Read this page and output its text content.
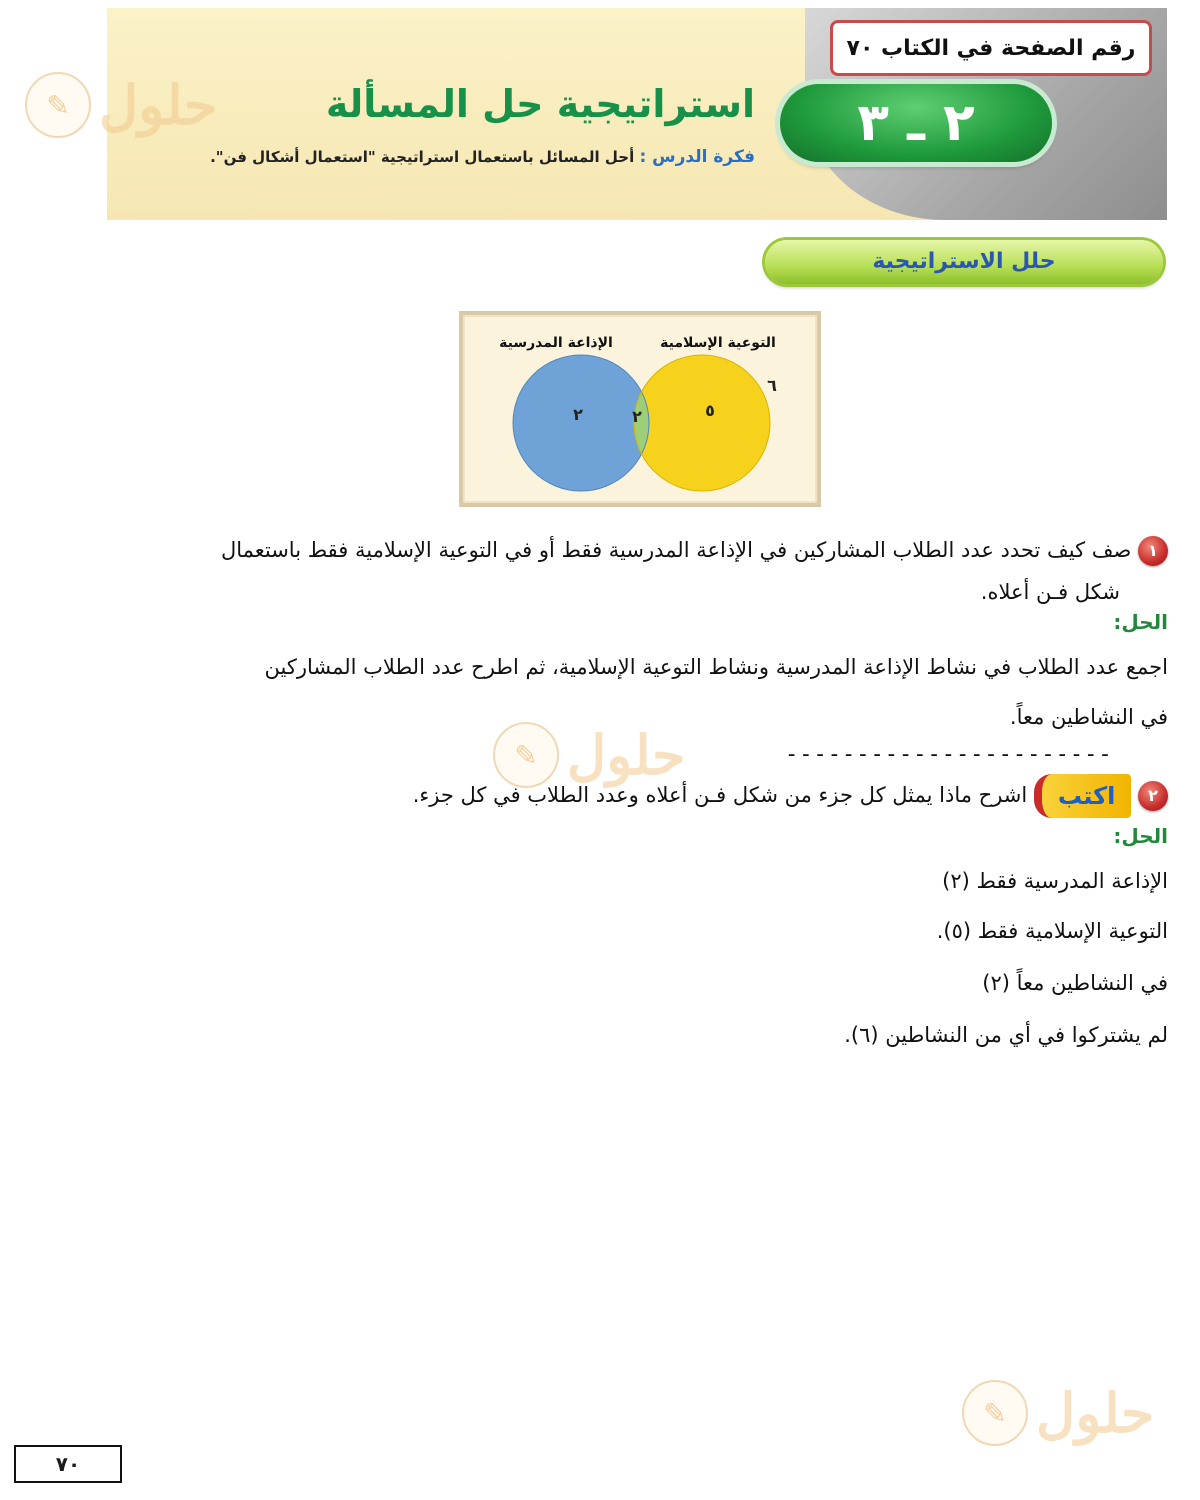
رقم الصفحة في الكتاب ٧٠
٢ ـ ٣
استراتيجية حل المسألة
فكرة الدرس : أحل المسائل باستعمال استراتيجية "استعمال أشكال فن".
✎ حلول
✎ حلول
✎ حلول
حلل الاستراتيجية
التوعية الإسلامية
الإذاعة المدرسية
٢	٢	٥
٦
١ صف كيف تحدد عدد الطلاب المشاركين في الإذاعة المدرسية فقط أو في التوعية الإسلامية فقط باستعمال
شكل فـن أعلاه.
الحل:
اجمع عدد الطلاب في نشاط الإذاعة المدرسية ونشاط التوعية الإسلامية، ثم اطرح عدد الطلاب المشاركين
في النشاطين معاً.
-----------------------
٢ اكتب اشرح ماذا يمثل كل جزء من شكل فـن أعلاه وعدد الطلاب في كل جزء.
الحل:
الإذاعة المدرسية فقط (٢)
التوعية الإسلامية فقط (٥).
في النشاطين معاً (٢)
لم يشتركوا في أي من النشاطين (٦).
٧٠
